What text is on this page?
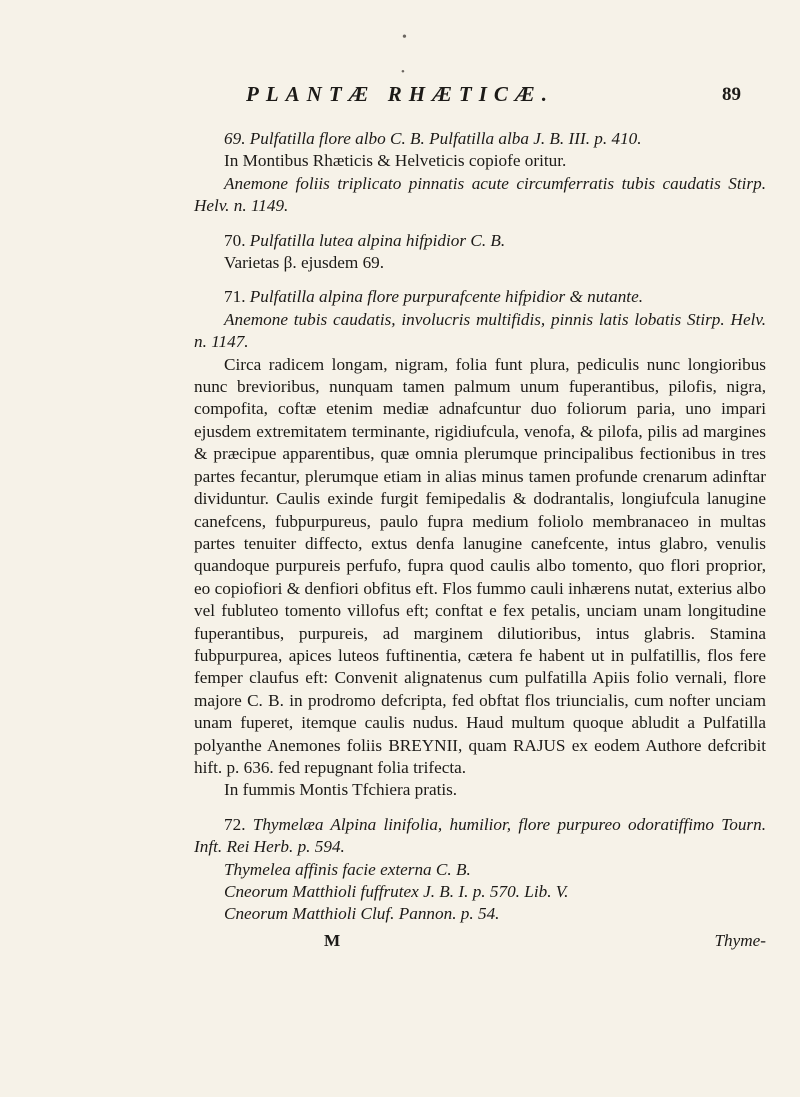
•
•
PLANTÆ RHÆTICÆ.	89

69. Pulfatilla flore albo C. B. Pulfatilla alba J. B. III. p. 410.

In Montibus Rhæticis & Helveticis copiofe oritur.

Anemone foliis triplicato pinnatis acute circumferratis tubis caudatis Stirp. Helv. n. 1149.

70. Pulfatilla lutea alpina hifpidior C. B.

Varietas β. ejusdem 69.

71. Pulfatilla alpina flore purpurafcente hifpidior & nutante.

Anemone tubis caudatis, involucris multifidis, pinnis latis lobatis Stirp. Helv. n. 1147.

Circa radicem longam, nigram, folia funt plura, pediculis nunc longioribus nunc brevioribus, nunquam tamen palmum unum fuperantibus, pilofis, nigra, compofita, coftæ etenim mediæ adnafcuntur duo foliorum paria, uno impari ejusdem extremitatem terminante, rigidiufcula, venofa, & pilofa, pilis ad margines & præcipue apparentibus, quæ omnia plerumque principalibus fectionibus in tres partes fecantur, plerumque etiam in alias minus tamen profunde crenarum adinftar dividuntur. Caulis exinde furgit femipedalis & dodrantalis, longiufcula lanugine canefcens, fubpurpureus, paulo fupra medium foliolo membranaceo in multas partes tenuiter diffecto, extus denfa lanugine canefcente, intus glabro, venulis quandoque purpureis perfufo, fupra quod caulis albo tomento, quo flori proprior, eo copiofiori & denfiori obfitus eft. Flos fummo cauli inhærens nutat, exterius albo vel fubluteo tomento villofus eft; conftat e fex petalis, unciam unam longitudine fuperantibus, purpureis, ad marginem dilutioribus, intus glabris. Stamina fubpurpurea, apices luteos fuftinentia, cætera fe habent ut in pulfatillis, flos fere femper claufus eft: Convenit alignatenus cum pulfatilla Apiis folio vernali, flore majore C. B. in prodromo defcripta, fed obftat flos triuncialis, cum nofter unciam unam fuperet, itemque caulis nudus. Haud multum quoque abludit a Pulfatilla polyanthe Anemones foliis BREYNII, quam RAJUS ex eodem Authore defcribit hift. p. 636. fed repugnant folia trifecta.

In fummis Montis Tfchiera pratis.

72. Thymelæa Alpina linifolia, humilior, flore purpureo odoratiffimo Tourn. Inft. Rei Herb. p. 594.

Thymelea affinis facie externa C. B.

Cneorum Matthioli fuffrutex J. B. I. p. 570. Lib. V.

Cneorum Matthioli Cluf. Pannon. p. 54.

M	Thyme-
